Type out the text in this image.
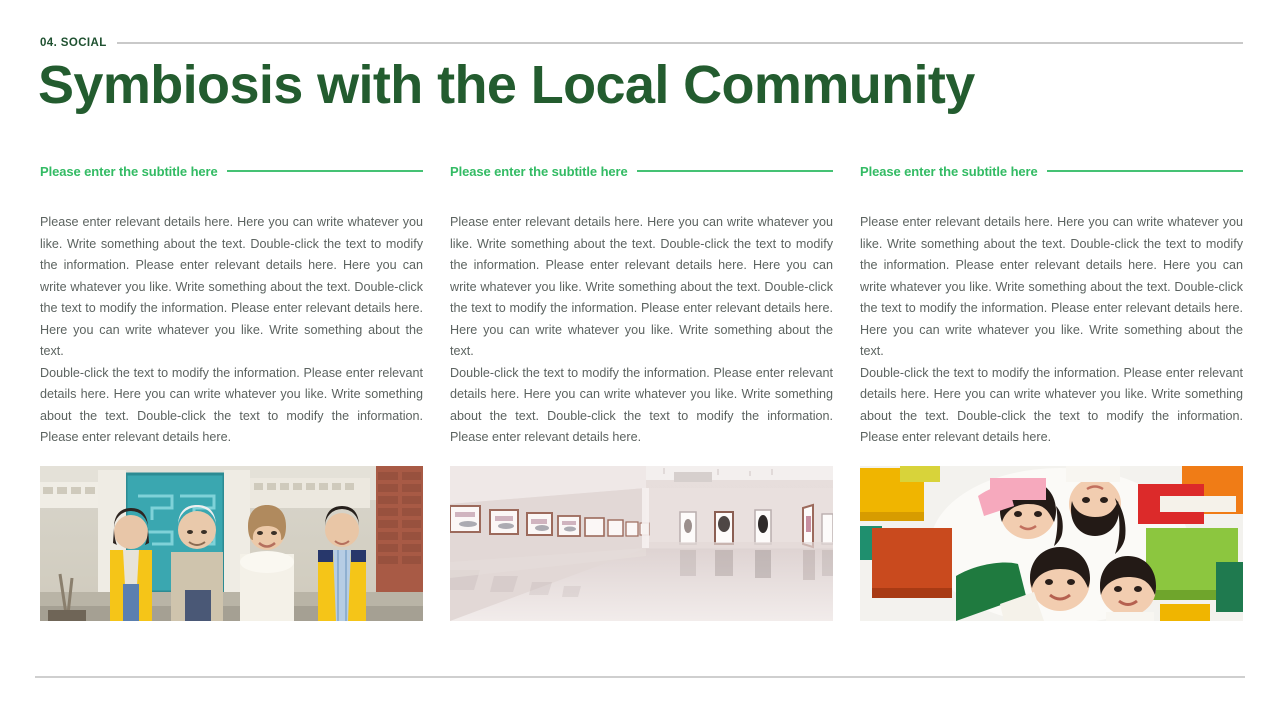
04. SOCIAL
Symbiosis with the Local Community
Please enter the subtitle here

Please enter relevant details here. Here you can write whatever you like. Write something about the text. Double-click the text to modify the information. Please enter relevant details here. Here you can write whatever you like. Write something about the text. Double-click the text to modify the information. Please enter relevant details here. Here you can write whatever you like. Write something about the text.

Double-click the text to modify the information. Please enter relevant details here. Here you can write whatever you like. Write something about the text. Double-click the text to modify the information. Please enter relevant details here.

Please enter the subtitle here

Please enter relevant details here. Here you can write whatever you like. Write something about the text. Double-click the text to modify the information. Please enter relevant details here. Here you can write whatever you like. Write something about the text. Double-click the text to modify the information. Please enter relevant details here. Here you can write whatever you like. Write something about the text.

Double-click the text to modify the information. Please enter relevant details here. Here you can write whatever you like. Write something about the text. Double-click the text to modify the information. Please enter relevant details here.

Please enter the subtitle here

Please enter relevant details here. Here you can write whatever you like. Write something about the text. Double-click the text to modify the information. Please enter relevant details here. Here you can write whatever you like. Write something about the text. Double-click the text to modify the information. Please enter relevant details here. Here you can write whatever you like. Write something about the text.

Double-click the text to modify the information. Please enter relevant details here. Here you can write whatever you like. Write something about the text. Double-click the text to modify the information. Please enter relevant details here.
